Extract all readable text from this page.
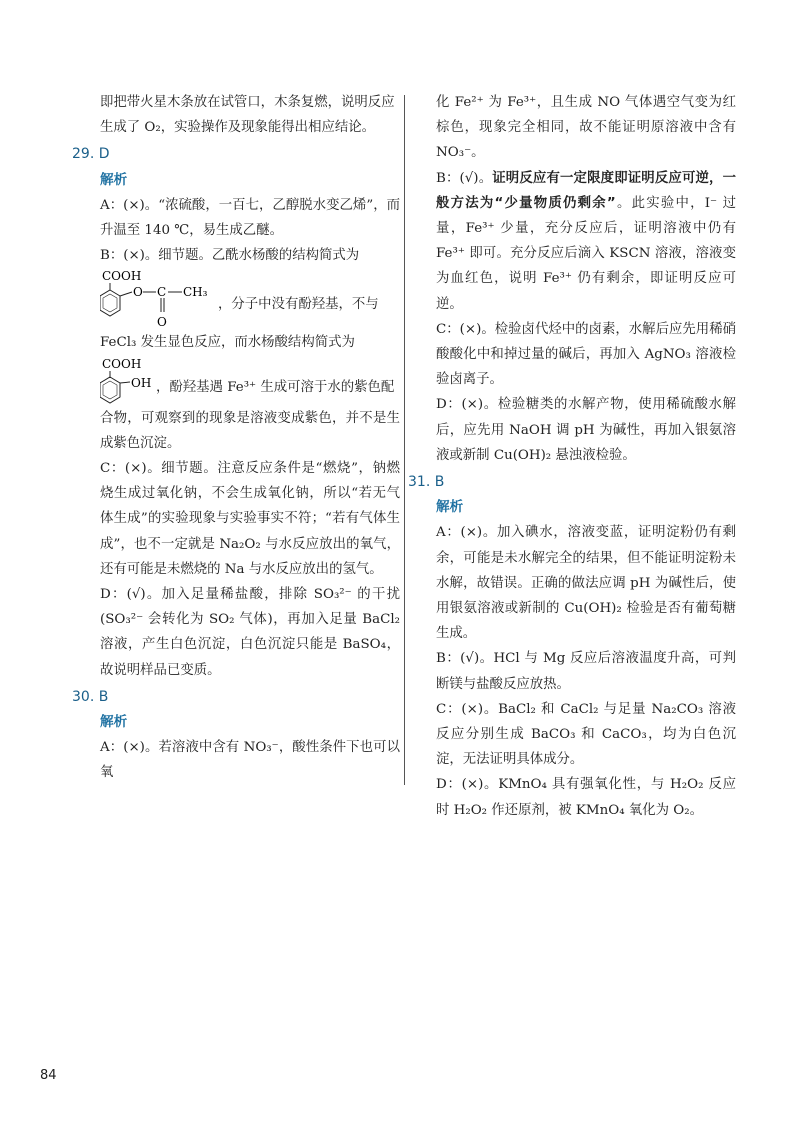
即把带火星木条放在试管口，木条复燃，说明反应

生成了 O₂，实验操作及现象能得出相应结论。

29. D
解析

A：(×)。“浓硫酸，一百七，乙醇脱水变乙烯”，而升温至 140 ℃，易生成乙醚。

B：(×)。细节题。乙酰水杨酸的结构简式为

COOH
O C
O
CH₃

，分子中没有酚羟基，不与

FeCl₃ 发生显色反应，而水杨酸结构简式为

COOH
OH ，酚羟基遇 Fe³⁺ 生成可溶于水的紫色配

合物，可观察到的现象是溶液变成紫色，并不是生成紫色沉淀。

C：(×)。细节题。注意反应条件是“燃烧”，钠燃烧生成过氧化钠，不会生成氧化钠，所以“若无气体生成”的实验现象与实验事实不符；“若有气体生成”，也不一定就是 Na₂O₂ 与水反应放出的氧气，还有可能是未燃烧的 Na 与水反应放出的氢气。

D：(√)。加入足量稀盐酸，排除 SO₃²⁻ 的干扰(SO₃²⁻ 会转化为 SO₂ 气体)，再加入足量 BaCl₂ 溶液，产生白色沉淀，白色沉淀只能是 BaSO₄，故说明样品已变质。

30. B
解析

A：(×)。若溶液中含有 NO₃⁻，酸性条件下也可以氧

化 Fe²⁺ 为 Fe³⁺，且生成 NO 气体遇空气变为红棕色，现象完全相同，故不能证明原溶液中含有 NO₃⁻。

B：(√)。证明反应有一定限度即证明反应可逆，一般方法为“少量物质仍剩余”。此实验中，I⁻ 过量，Fe³⁺ 少量，充分反应后，证明溶液中仍有 Fe³⁺ 即可。充分反应后滴入 KSCN 溶液，溶液变为血红色，说明 Fe³⁺ 仍有剩余，即证明反应可逆。

C：(×)。检验卤代烃中的卤素，水解后应先用稀硝酸酸化中和掉过量的碱后，再加入 AgNO₃ 溶液检验卤离子。

D：(×)。检验糖类的水解产物，使用稀硫酸水解后，应先用 NaOH 调 pH 为碱性，再加入银氨溶液或新制 Cu(OH)₂ 悬浊液检验。

31. B
解析

A：(×)。加入碘水，溶液变蓝，证明淀粉仍有剩余，可能是未水解完全的结果，但不能证明淀粉未水解，故错误。正确的做法应调 pH 为碱性后，使用银氨溶液或新制的 Cu(OH)₂ 检验是否有葡萄糖生成。

B：(√)。HCl 与 Mg 反应后溶液温度升高，可判断镁与盐酸反应放热。

C：(×)。BaCl₂ 和 CaCl₂ 与足量 Na₂CO₃ 溶液反应分别生成 BaCO₃ 和 CaCO₃，均为白色沉淀，无法证明具体成分。

D：(×)。KMnO₄ 具有强氧化性，与 H₂O₂ 反应时 H₂O₂ 作还原剂，被 KMnO₄ 氧化为 O₂。

84
